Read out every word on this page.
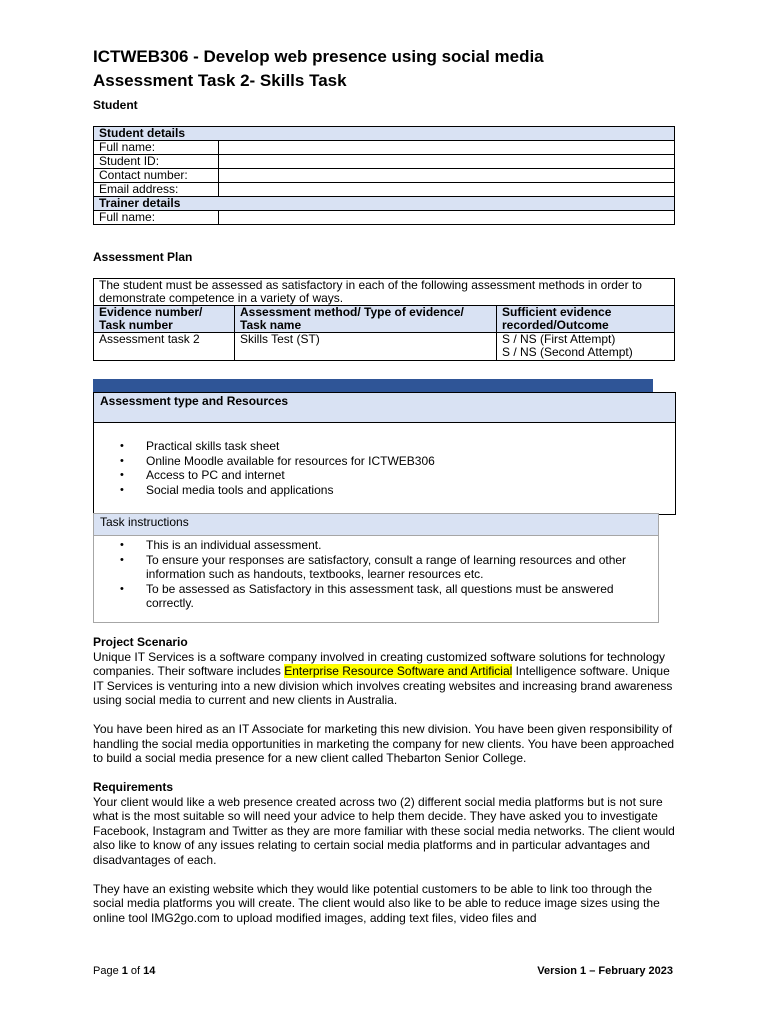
ICTWEB306 - Develop web presence using social media
Assessment Task 2- Skills Task
Student
Student details	
Full name:	
Student ID:	
Contact number:	
Email address:	
Trainer details	
Full name:	
Assessment Plan
The student must be assessed as satisfactory in each of the following assessment methods in order to demonstrate competence in a variety of ways.		
Evidence number/ Task number	Assessment method/ Type of evidence/ Task name	Sufficient evidence recorded/Outcome
Assessment task 2	Skills Test (ST)	S / NS (First Attempt)
S / NS (Second Attempt)
Assessment type and Resources
• Practical skills task sheet
• Online Moodle available for resources for ICTWEB306
• Access to PC and internet
• Social media tools and applications
Task instructions
• This is an individual assessment.
• To ensure your responses are satisfactory, consult a range of learning resources and other information such as handouts, textbooks, learner resources etc.
• To be assessed as Satisfactory in this assessment task, all questions must be answered correctly.

Project Scenario

Unique IT Services is a software company involved in creating customized software solutions for technology companies. Their software includes Enterprise Resource Software and Artificial Intelligence software. Unique IT Services is venturing into a new division which involves creating websites and increasing brand awareness using social media to current and new clients in Australia.

You have been hired as an IT Associate for marketing this new division. You have been given responsibility of handling the social media opportunities in marketing the company for new clients. You have been approached to build a social media presence for a new client called Thebarton Senior College.

Requirements

Your client would like a web presence created across two (2) different social media platforms but is not sure what is the most suitable so will need your advice to help them decide. They have asked you to investigate Facebook, Instagram and Twitter as they are more familiar with these social media networks. The client would also like to know of any issues relating to certain social media platforms and in particular advantages and disadvantages of each.

They have an existing website which they would like potential customers to be able to link too through the social media platforms you will create. The client would also like to be able to reduce image sizes using the online tool IMG2go.com to upload modified images, adding text files, video files and

Page 1 of 14	Version 1 – February 2023
